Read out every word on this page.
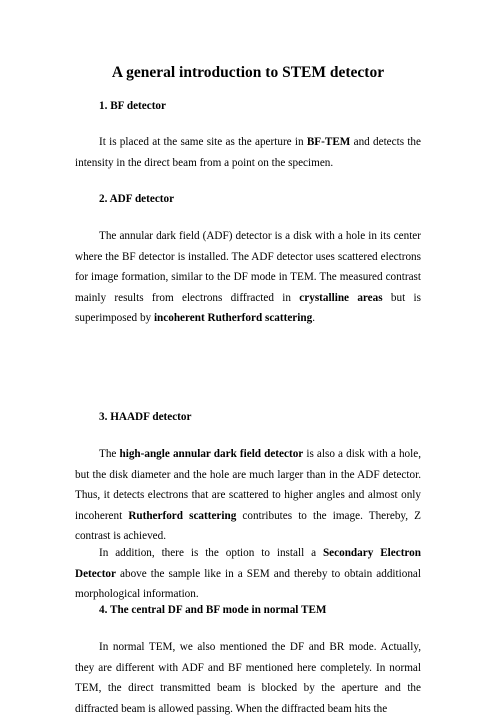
A general introduction to STEM detector
1. BF detector
It is placed at the same site as the aperture in BF-TEM and detects the intensity in the direct beam from a point on the specimen.
2. ADF detector
The annular dark field (ADF) detector is a disk with a hole in its center where the BF detector is installed. The ADF detector uses scattered electrons for image formation, similar to the DF mode in TEM. The measured contrast mainly results from electrons diffracted in crystalline areas but is superimposed by incoherent Rutherford scattering.
3. HAADF detector
The high-angle annular dark field detector is also a disk with a hole, but the disk diameter and the hole are much larger than in the ADF detector. Thus, it detects electrons that are scattered to higher angles and almost only incoherent Rutherford scattering contributes to the image. Thereby, Z contrast is achieved.
In addition, there is the option to install a Secondary Electron Detector above the sample like in a SEM and thereby to obtain additional morphological information.
4. The central DF and BF mode in normal TEM
In normal TEM, we also mentioned the DF and BR mode. Actually, they are different with ADF and BF mentioned here completely. In normal TEM, the direct transmitted beam is blocked by the aperture and the diffracted beam is allowed passing. When the diffracted beam hits the
